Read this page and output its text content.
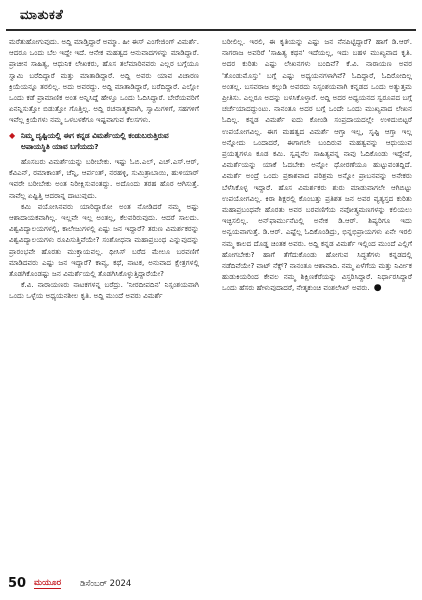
ಮಾತುಕತೆ

ಮರೆತುಹೋಗುವುದು. ಅದ್ದಿ ಮಾಡ್ತಿದ್ದಾರೆ ಅಮ್ಮಾ. ಹೀ ಈಸ್ ಎಂಗೇಜಿಂಗ್ ವಿಮರ್ಶೆ. ಆದರೂ ಒಂದು ಬೆಲ ಇದ್ದೇ ಇದೆ. ಆನೇಕ ಮಹತ್ವದ ಆನುವಾದಗಳನ್ನು ಮಾಡಿದ್ದಾರೆ. ಪ್ರಾಚೀನ ಸಾಹಿತ್ಯ, ಆಧುನಿಕ ಲೇಖಕರು, ಹೊಸ ತಲೆಮಾರಿನವರು ಎಲ್ಲರ ಬಗ್ಗೆಯೂ ಸ್ವಾಮಿ ಬರೆದಿದ್ದಾರೆ ಮತ್ತು ಮಾತಾಡಿದ್ದಾರೆ. ಅದ್ದಿ ಅವರು ಯಾವ ವಿಚಾರಣ ಕ್ರಿಯೆಯನ್ನೂ ತರಲಿಲ್ಲ. ಅದು ಅವರದ್ದು. ಅದ್ದಿ ಮಾತಾಡಿದ್ದಾರೆ, ಬರೆದಿದ್ದಾರೆ. ಎಲ್ಲೋ ಒಂದು ಕಡೆ ಪ್ರಾಮಾಣಿಕ ಅಂತ ಅನ್ನಿಸಿದ್ದೆ ಹೇಳ್ತೂ ಒಂದು ಓದಿಸಿದ್ದಾರೆ. ಬೇರೆಯವರಿಗೆ ಏನನ್ನಿಸುತ್ತೋ ಬಿಡುತ್ತೋ ಗೊತ್ತಿಲ್ಲ. ಅದ್ದಿ ರಚನಾತ್ಮಕವಾಗಿ, ಸ್ವಾಮಿಗಳಿಗೆ, ಸಹಗಳಿಗೆ ಇವೆಲ್ಲ ಕ್ರಿಯೆಗಳು ನಮ್ಮ ಒಳಬಳಕೆಗೂ ಇಷ್ಟವಾಗುವ ಕೆಲಸಗಳು.

◆ ನಿಮ್ಮ ದೃಷ್ಟಿಯಲ್ಲಿ ಈಗ ಕನ್ನಡ ವಿಮರ್ಶೆಯಲ್ಲಿ ಕಂಡುಬರುತ್ತಿರುವ ಅಪಾಯಸ್ಥಿತಿ ಯಾವ ಬಗೆಯದು?

ಹೊಸಬರು ವಿಮರ್ಶೆಯನ್ನು ಬರೀಬೇಕು. ಇಷ್ಟು ಓಬಿ.ಎಲ್, ಎಚ್.ಎಸ್.ಆರ್, ಕೆವಿಎನ್, ರಮಾಕಾಂತ್, ಚೆನ್ನಿ, ಆರ್ಪಂತ್, ನರಹಳ್ಳಿ, ಸುಮಿತ್ರಾಬಾಯಿ, ಹುಳಿಯಾರ್ ಇವರೇ ಬರೀಬೇಕು ಅಂತ ನಿರೀಕ್ಷಿಸುವಂತದ್ದು. ಅದೊಂದು ತರಹ ಹೊರ ಆಗಿಸುತ್ತೆ. ನಾವೆಲ್ಲ ಏಷ್ಟಿತ್ತಿ ಆದರಾನ್ನ ದಾಟುವುದು.

ಕಮಿ ವಯೋಸಿನವರು ಯಾರಿದ್ದಾರೋ ಅಂತ ನೋಡಿದರೆ ನಮ್ಮ ಅಷ್ಟು ಆಶಾದಾಯಕವಾಗಿಲ್ಲ. ಇಲ್ಲವೇ ಇಲ್ಲ ಅಂತಲ್ಲ, ಕೆಲವರಿರುವುದು. ಆದರೆ ಸಾಲದು. ವಿಶ್ವವಿದ್ಯಾಲಯಗಳಲ್ಲಿ, ಕಾಲೇಜುಗಳಲ್ಲಿ ಏಷ್ಟು ಜನ ಇದ್ದಾರೆ? ತರುಣ ವಿಮರ್ಶಕರನ್ನು ವಿಶ್ವವಿದ್ಯಾಲಯಗಳು ರೂಪಿಸುತ್ತಿವೆಯೇ? ಸಂಶೋಧನಾ ಮಹಾಪ್ರಬಂಧ ಎನ್ನುವುದನ್ನು ಪ್ರಾರಂಭವೇ ಹೊರತು ಮುಕ್ತಾಯವಲ್ಲ. ಥೀಸಿಸ್ ಬರೆದ ಮೇಲೂ ಬರವಣಿಗೆ ಮಾಡಿದವರು ಎಷ್ಟು ಜನ ಇದ್ದಾರೆ? ಕಾವ್ಯ, ಕಥೆ, ನಾಟಕ, ಅನುವಾದ ಕ್ಷೇತ್ರಗಳಲ್ಲಿ ತೊಡಗಿಕೊಂಡಷ್ಟು ಜನ ವಿಮರ್ಶೆಯಲ್ಲಿ ತೊಡಗಿಸಿಕೊಳ್ಳುತ್ತಿದ್ದಾರೆಯೇ?

ಕೆ.ವಿ. ನಾರಾಯಣರು ನಾಟಕಗಳನ್ನ ಬರೆದ್ರು. 'ನೀರದೀಪದಿನ' ನಿಸ್ಸಂಶಯವಾಗಿ ಒಂದು ಒಳ್ಳೆಯ ಅಧ್ಯಯನಶೀಲ ಕೃತಿ. ಅದ್ದಿ ಮುಂದೆ ಅವರು ವಿಮರ್ಶೆ

ಬರೀಲಿಲ್ಲ. ಇರಲಿ, ಈ ಕೃತಿಯನ್ನು ಎಷ್ಟು ಜನ ನೆನಪಿಟ್ಟಿದ್ದಾರೆ? ಹಾಗೆ ಡಿ.ಆರ್. ನಾಗರಾಜ ಅವರಿರೆ 'ಸಾಹಿತ್ಯ ಕಥನ' ಇದೆಯಲ್ಲ, ಇದು ಬಹಳ ಮುಖ್ಯವಾದ ಕೃತಿ. ಅದರ ಕುರಿತು ಎಷ್ಟು ಲೇಖನಗಳು ಬಂದಿವೆ? ಕೆ.ವಿ. ನಾರಾಯಣ ಅವರ 'ತೊಂಡುಮೊಸ್ತು' ಬಗ್ಗೆ ಎಷ್ಟು ಅಧ್ಯಯನಗಳಾಗಿವೆ? ಓದಿದ್ದಾರೆ, ಓದಿರೋದಿಲ್ಲ ಅಂತಲ್ಲ. ಬಸವರಾಜ ಕಲ್ಗುಡಿ ಅವರದು ನಿಸ್ಸಂಶಯವಾಗಿ ಕನ್ನಡದ ಒಂದು ಅತ್ಯುತ್ತಮ ಪ್ರೀತಿಸು. ಎಲ್ಲರೂ ಅದನ್ನು ಬಳಸಿಕೊಳ್ತಾರೆ. ಅದ್ದಿ ಅದರ ಅಧ್ಯಯನದ ಸ್ವರೂಪದ ಬಗ್ಗೆ ಚರ್ಚೆಯಾದದ್ದುಂಟು. ನಾನಂತೂ ಅದರ ಬಗ್ಗೆ ಒಂದೇ ಒಂದು ಮುಖ್ಯವಾದ ಲೇಖನ ಓದಿಲ್ಲ. ಕನ್ನಡ ವಿಮರ್ಶೆ ಐದು ಕೋಂಡಿ ಸಂಪ್ರದಾಯದಲ್ಲೇ ಉಳಿದುಬಿಟ್ಟರೆ ಉಪಯೋಗವಿಲ್ಲ. ಈಗ ಮಹತ್ವದ ವಿಮರ್ಶೆ ಆಗ್ತಾ ಇಲ್ಲ, ಸೃಷ್ಟಿ ಆಗ್ತಾ ಇಲ್ಲ ಅನ್ನೋದು ಒಂದಾದರೆ, ಈಗಾಗಲೇ ಬಂದಿರುವ ಮಹತ್ವವನ್ನು ಆಧುಯುವ ಪ್ರಯತ್ನಗಳೂ ಕೂಡ ಕಮಿ. ಸ್ವಪ್ನನೆಲ ಸಾಹಿತ್ಯವನ್ನ ನಾವು ಓದಿಕೊಂಡು ಇದ್ದೇವೆ, ವಿಮರ್ಶೆಯನ್ನು ಯಾಕೆ ಓದಬೇಕು ಅನ್ನೋ ಧೋರಣೆಯೂ ಹುಟ್ಟುವಂತದ್ದಿದೆ. ವಿಮರ್ಶೆ ಅಂದ್ರೆ ಒಂದು ಪ್ರಕಾಶವಾದ ಪರಿಶ್ರಮ ಅನ್ನೋ ಪ್ರಾಬನವನ್ನು ಅನೇಕರು ಬೆಳೆಸಿಕೊಳ್ಳ ಇದ್ದಾರೆ. ಹೊಸ ವಿಮರ್ಶಕರು ಶುರು ಮಾಡುವಾಗಲೇ ಆಗಿಬಿಟ್ಟು ಉಪಯೋಗವಿಲ್ಲ. ಕಿರಾ ಶಿಕ್ಷರಲ್ಲಿ ಕೊಂಬತ್ತು ಪ್ರತಿಶತ ಜನ ಅವರ ವ್ಯತ್ಯಸ್ತದ ಕುರಿತು ಮಹಾಪ್ರಬಂಧವೇ ಹೊರತು ಅವರ ಬರವಣಿಗೆಯ ನವೋತ್ಕ್ರಮಣಗಳನ್ನು ಕಲಿಯಲು ಇಚ್ಛಿಸಲಿಲ್ಲ. ಅನ್‌ಫಾರ್ಮುನೆಟಲ್ಲಿ ಅನೇಕ ಡಿ.ಆರ್. ಶಿಷ್ಯರಿಗೂ ಇದು ಅನ್ವಯವಾಗುತ್ತೆ. ಡಿ.ಆರ್. ಎಷ್ಟೆಲ್ಲ ಓದಿಕೊಂಡಿದ್ರು, ಭಿನ್ನಭಿಪ್ರಾಯಗಳು ಏನೇ ಇರಲಿ ನಮ್ಮ ಕಾಲದ ದೊಡ್ಡ ಚಿಂತಕ ಅವರು. ಅದ್ದಿ ಕನ್ನಡ ವಿಮರ್ಶೆ ಇಲ್ಲಿಂದ ಮುಂದೆ ಎಲ್ಲಿಗೆ ಹೋಗಬೇಕು? ಹಾಗೆ ತೆಗೆದುಕೊಂಡು ಹೋಗುವ ಸಿದ್ಧತೆಗಳು ಕನ್ನಡದಲ್ಲಿ ನಡೆದಿವೆಯೇ? ವಾಟ್ ನೆಕ್ಸ್? ನಾನಂತೂ ಆಶಾವಾದಿ. ನಮ್ಮ ಏಳೆಗೆಯ ಮತ್ತು ನಿರ್ವೀಕ ಹುಡುಕಿಯರಿಂದ ಕೇವಲ ನಮ್ಮ ಶಿಕ್ಷಿಣಕೆರೆಯನ್ನು ವಿಸ್ತರಿಸಿದ್ದಾರೆ. ನಿರ್ಧಾರಸಿದ್ದಾರೆ ಒಂದು ಹೆಸರು ಹೇಳುವುದಾದರೆ, ನೇತೃಕುಂಚಿ ವಂಶಲೇಖ್ ಅವರು. ●

50 ಮಯೂರ ಡಿಸೆಂಬರ್ 2024
